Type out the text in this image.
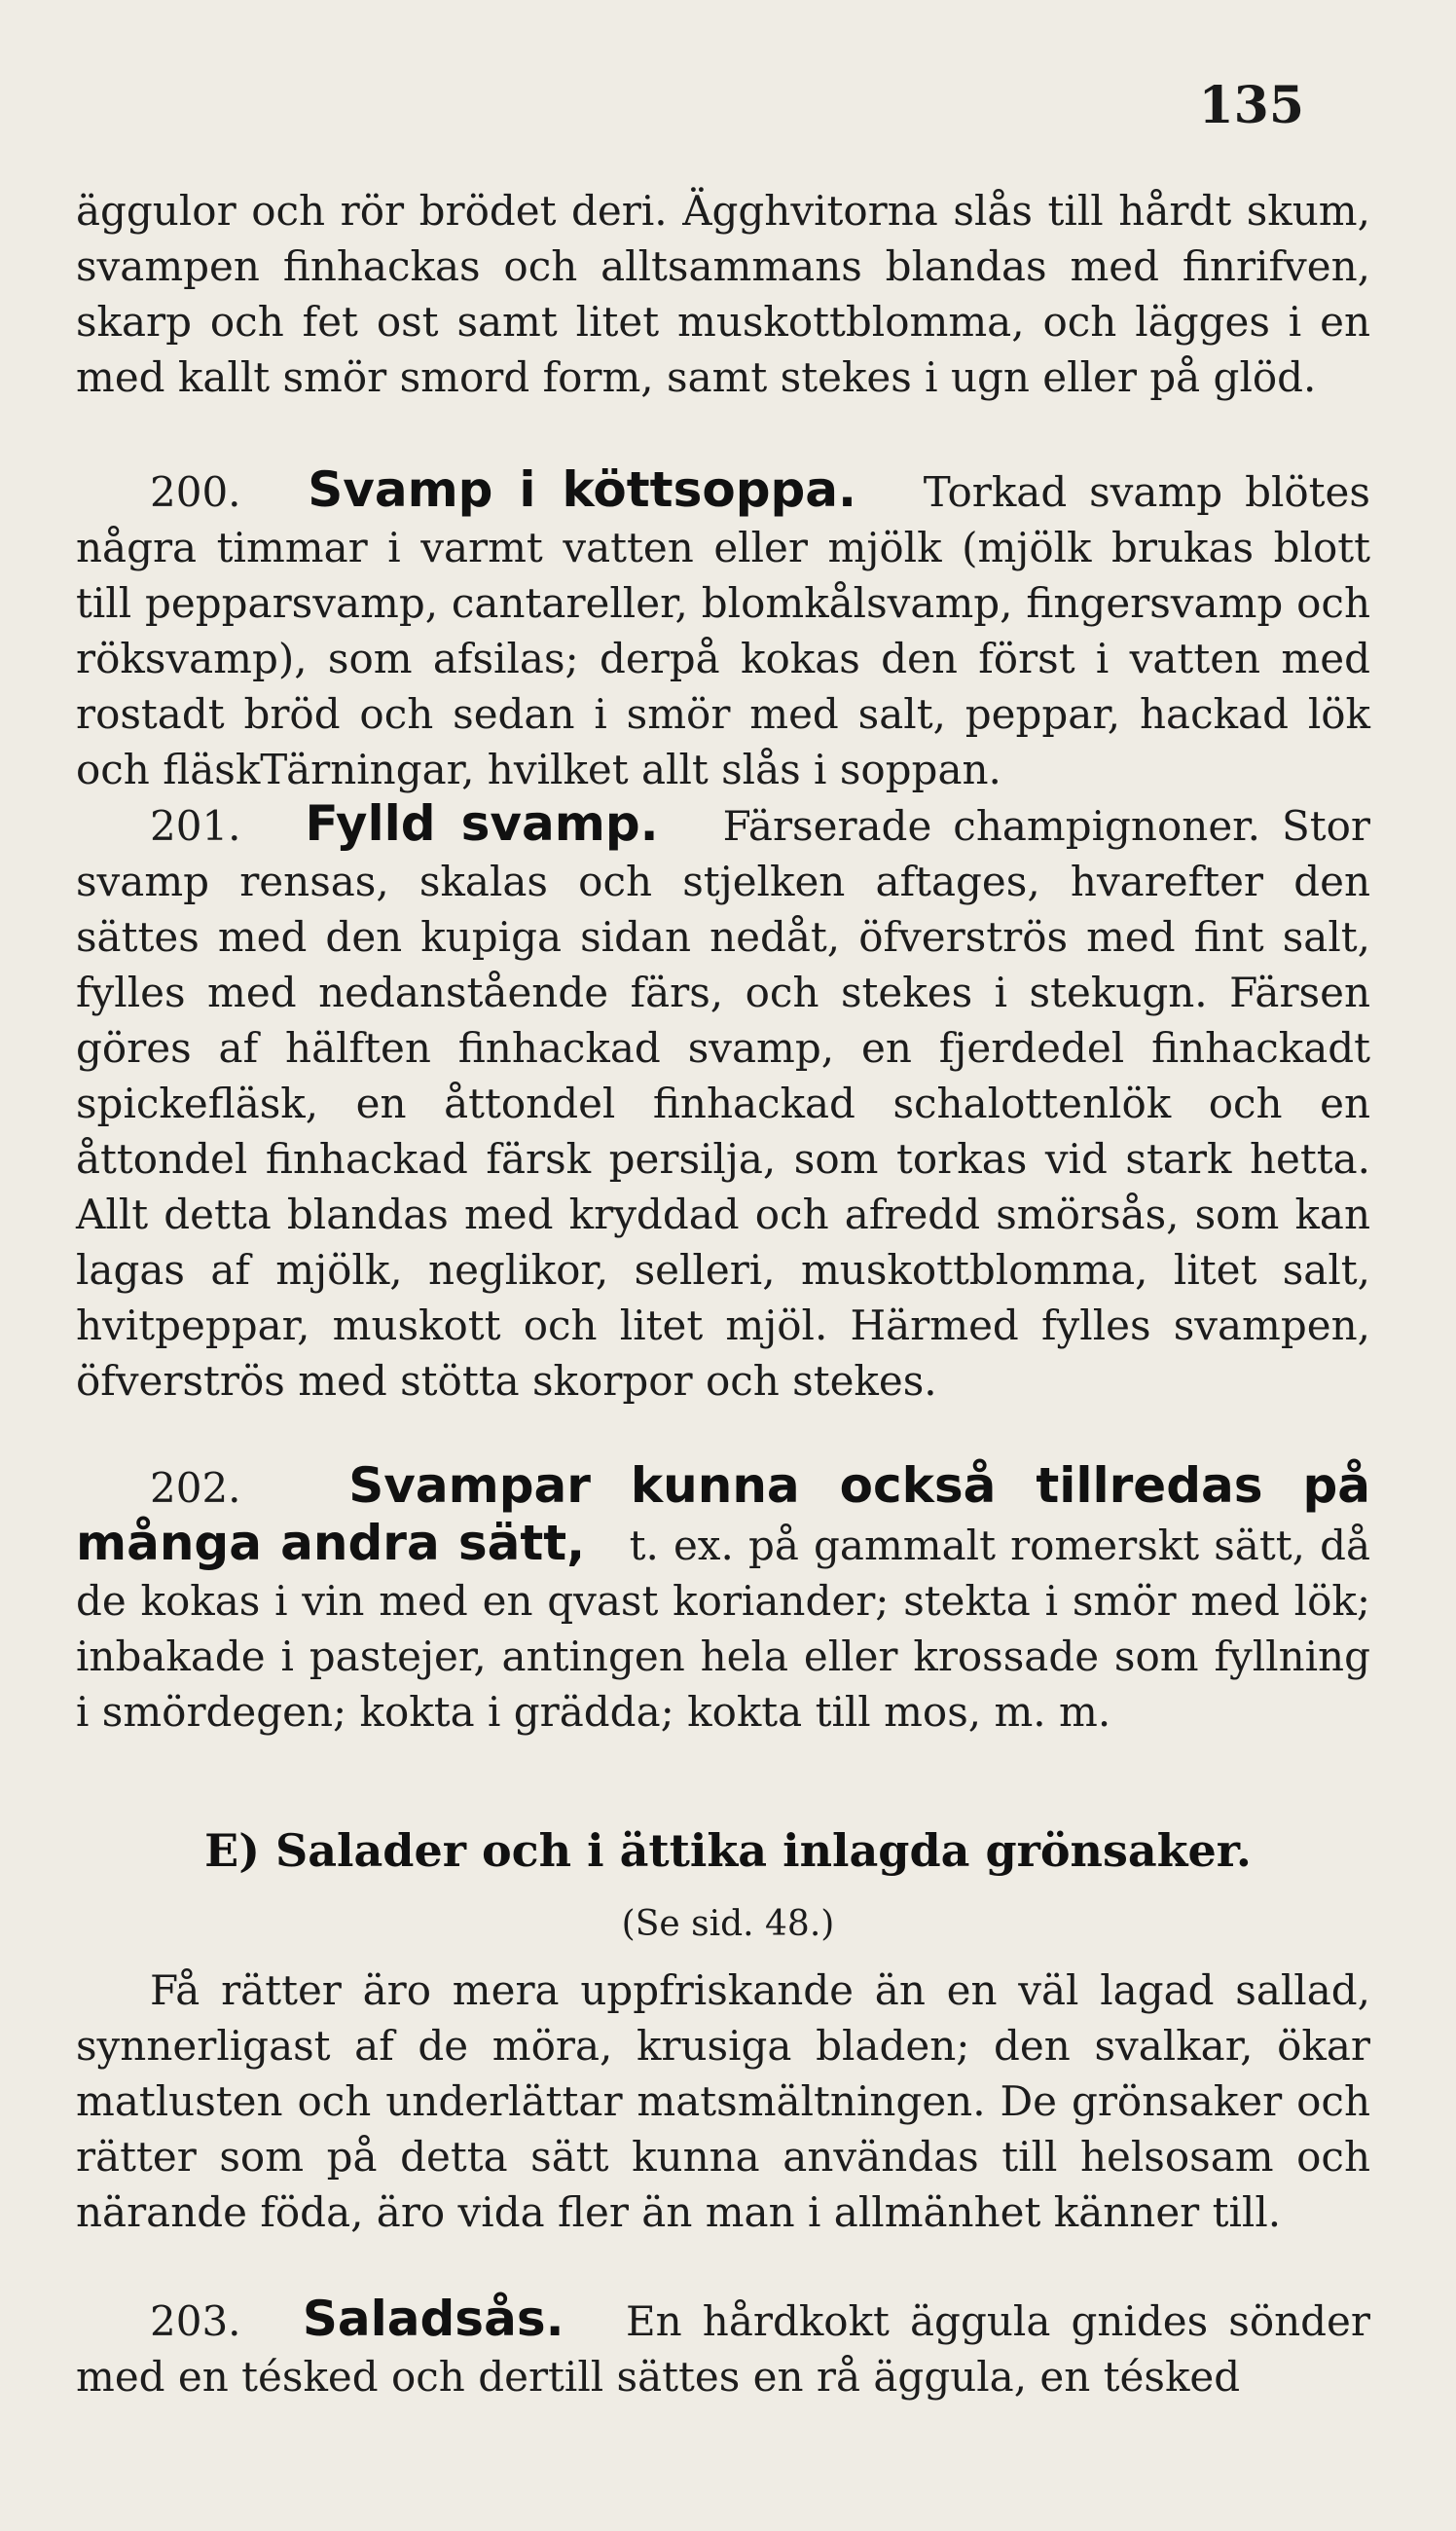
135
äggulor och rör brödet deri. Ägghvitorna slås till hårdt skum, svampen finhackas och alltsammans blandas med finrifven, skarp och fet ost samt litet muskottblomma, och lägges i en med kallt smör smord form, samt stekes i ugn eller på glöd.
200. Svamp i köttsoppa. Torkad svamp blötes några timmar i varmt vatten eller mjölk (mjölk brukas blott till pepparsvamp, cantareller, blomkålsvamp, fingersvamp och röksvamp), som afsilas; derpå kokas den först i vatten med rostadt bröd och sedan i smör med salt, peppar, hackad lök och fläskTärningar, hvilket allt slås i soppan.
201. Fylld svamp. Färserade champignoner. Stor svamp rensas, skalas och stjelken aftages, hvarefter den sättes med den kupiga sidan nedåt, öfverströs med fint salt, fylles med nedanstående färs, och stekes i stekugn. Färsen göres af hälften finhackad svamp, en fjerdedel finhackadt spickefläsk, en åttondel finhackad schalottenlök och en åttondel finhackad färsk persilja, som torkas vid stark hetta. Allt detta blandas med kryddad och afredd smörsås, som kan lagas af mjölk, neglikor, selleri, muskottblomma, litet salt, hvitpeppar, muskott och litet mjöl. Härmed fylles svampen, öfverströs med stötta skorpor och stekes.
202. Svampar kunna också tillredas på många andra sätt, t. ex. på gammalt romerskt sätt, då de kokas i vin med en qvast koriander; stekta i smör med lök; inbakade i pastejer, antingen hela eller krossade som fyllning i smördegen; kokta i grädda; kokta till mos, m. m.
E) Salader och i ättika inlagda grönsaker.
(Se sid. 48.)
Få rätter äro mera uppfriskande än en väl lagad sallad, synnerligast af de möra, krusiga bladen; den svalkar, ökar matlusten och underlättar matsmältningen. De grönsaker och rätter som på detta sätt kunna användas till helsosam och närande föda, äro vida fler än man i allmänhet känner till.
203. Saladsås. En hårdkokt äggula gnides sönder med en tésked och dertill sättes en rå äggula, en tésked
